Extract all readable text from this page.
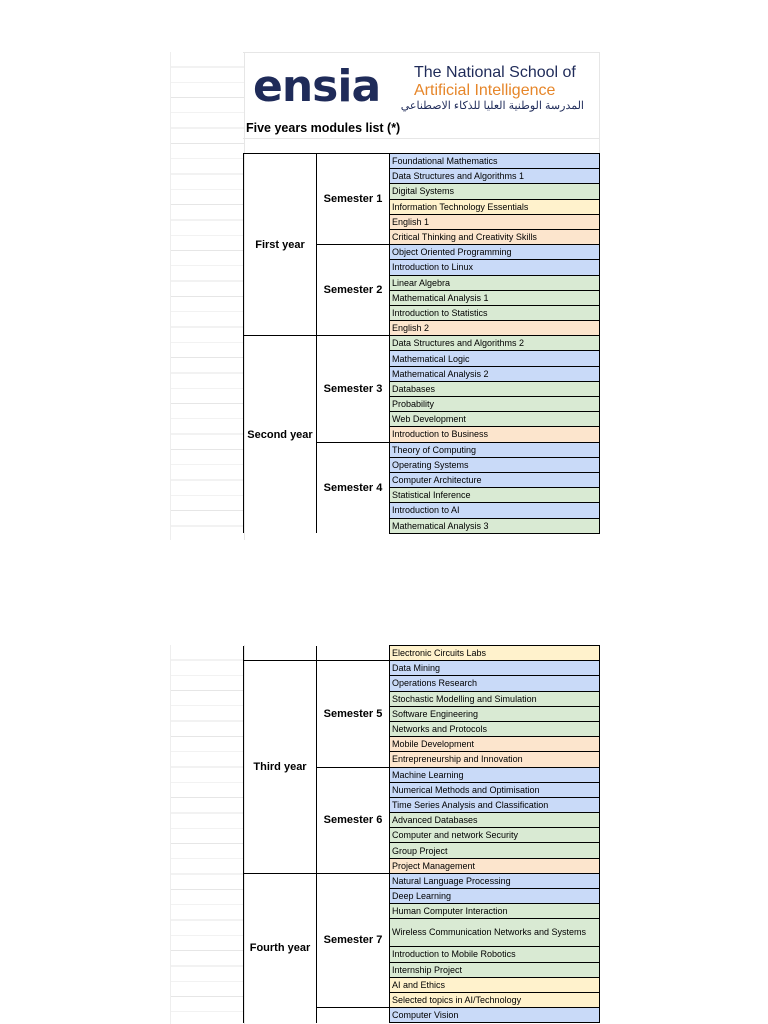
ensia The National School of
Artificial Intelligence
المدرسة الوطنية العليا للذكاء الاصطناعي
Five years modules list (*)
First year	Semester 1	Foundational Mathematics
		Data Structures and Algorithms 1
		Digital Systems
		Information Technology Essentials
		English 1
		Critical Thinking and Creativity Skills
	Semester 2	Object Oriented Programming
		Introduction to Linux
		Linear Algebra
		Mathematical Analysis 1
		Introduction to Statistics
		English 2
Second year	Semester 3	Data Structures and Algorithms 2
		Mathematical Logic
		Mathematical Analysis 2
		Databases
		Probability
		Web Development
		Introduction to Business
	Semester 4	Theory of Computing
		Operating Systems
		Computer Architecture
		Statistical Inference
		Introduction to AI
		Mathematical Analysis 3
		Electronic Circuits Labs
Third year	Semester 5	Data Mining
		Operations Research
		Stochastic Modelling and Simulation
		Software Engineering
		Networks and Protocols
		Mobile Development
		Entrepreneurship and Innovation
	Semester 6	Machine Learning
		Numerical Methods and Optimisation
		Time Series Analysis and Classification
		Advanced Databases
		Computer and network Security
		Group Project
		Project Management
Fourth year	Semester 7	Natural Language Processing
		Deep Learning
		Human Computer Interaction
		Wireless Communication Networks and Systems
		Introduction to Mobile Robotics
		Internship Project
		AI and Ethics
		Selected topics in AI/Technology
		Computer Vision
